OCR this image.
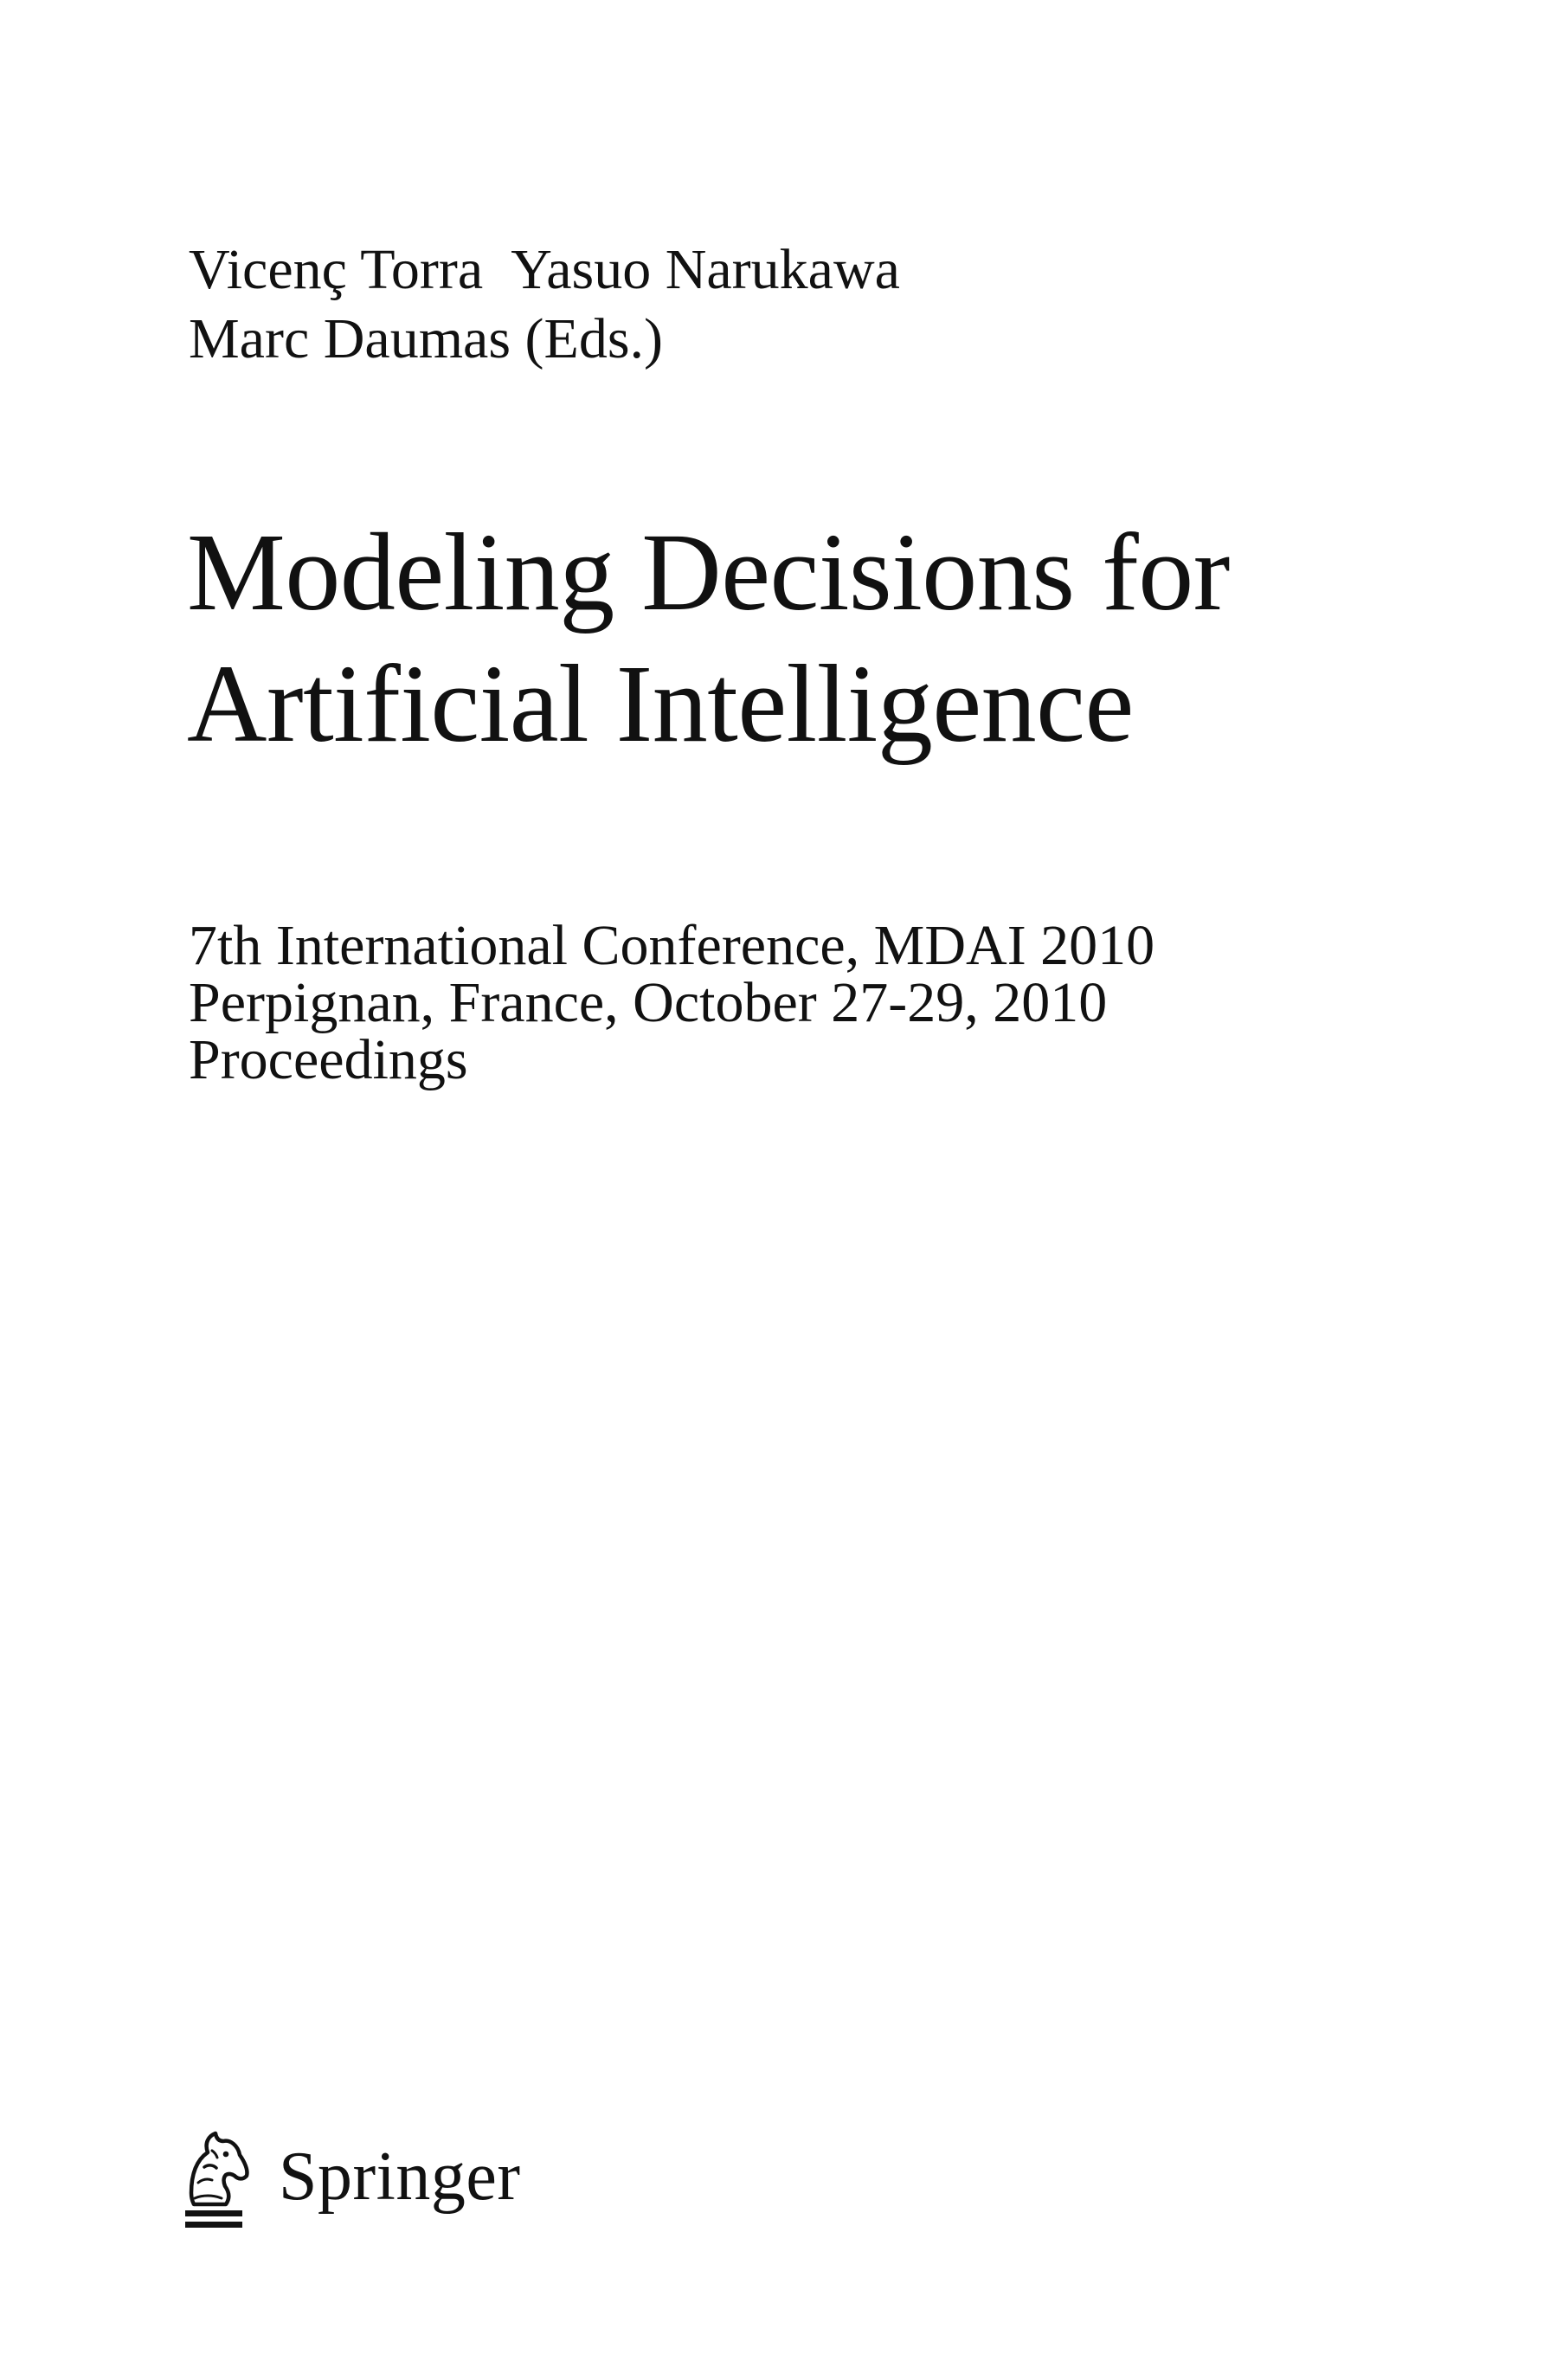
Vicenç Torra Yasuo Narukawa
Marc Daumas (Eds.)
Modeling Decisions for
Artificial Intelligence
7th International Conference, MDAI 2010
Perpignan, France, October 27-29, 2010
Proceedings
Springer
